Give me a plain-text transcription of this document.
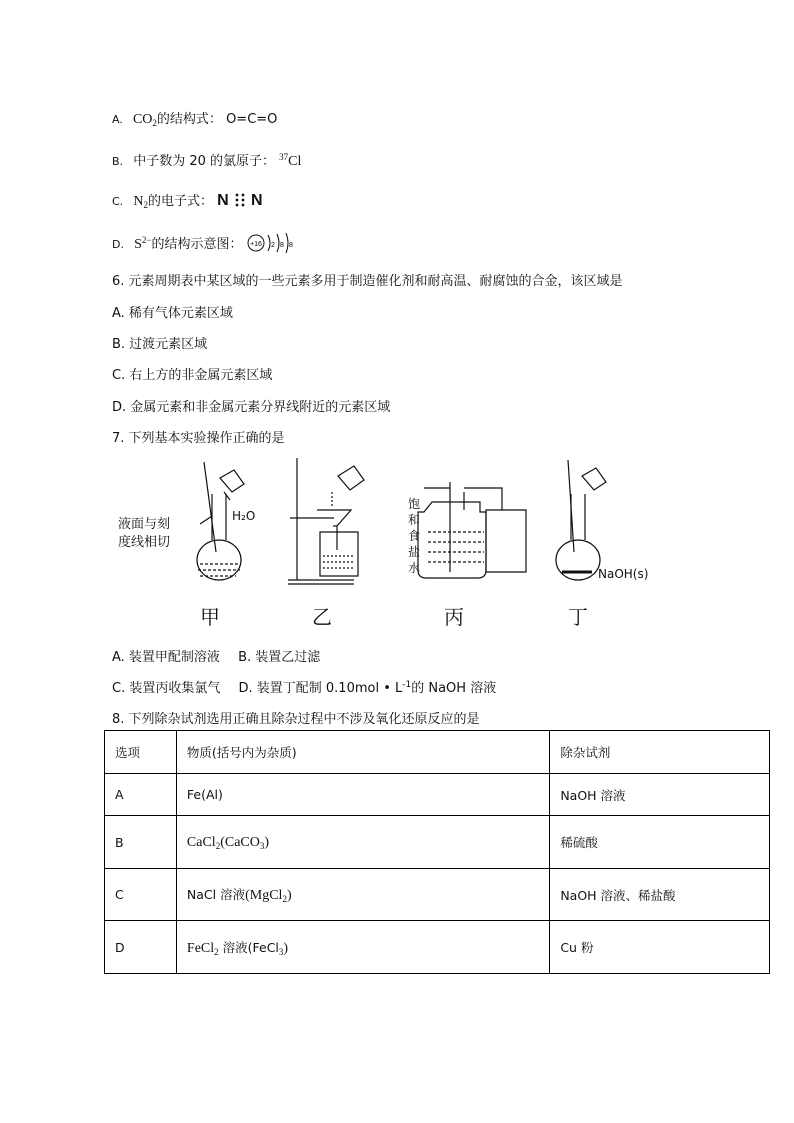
A. $CO_2$的结构式： O=C=O
B. 中子数为 20 的氯原子： $^{37}$Cl
C. $N_2$的电子式： N N
D. $S^{2-}$的结构示意图： +16 2 8 8
6. 元素周期表中某区域的一些元素多用于制造催化剂和耐高温、耐腐蚀的合金，该区域是
A. 稀有气体元素区域
B. 过渡元素区域
C. 右上方的非金属元素区域
D. 金属元素和非金属元素分界线附近的元素区域
7. 下列基本实验操作正确的是
H₂O
液面与刻
度线相切
饱
和
食
盐
水	NaOH(s)
甲	乙	丙	丁
A. 装置甲配制溶液 B. 装置乙过滤
C. 装置丙收集氯气 D. 装置丁配制 0.10mol • $L^{-1}$的 NaOH 溶液
8. 下列除杂试剂选用正确且除杂过程中不涉及氧化还原反应的是
选项	物质(括号内为杂质)	除杂试剂
A	Fe(Al)	NaOH 溶液
B	CaCl$_2$(CaCO$_3$)	稀硫酸
C	NaCl 溶液(MgCl$_2$)	NaOH 溶液、稀盐酸
D	FeCl$_2$ 溶液(FeCl$_3$)	Cu 粉
